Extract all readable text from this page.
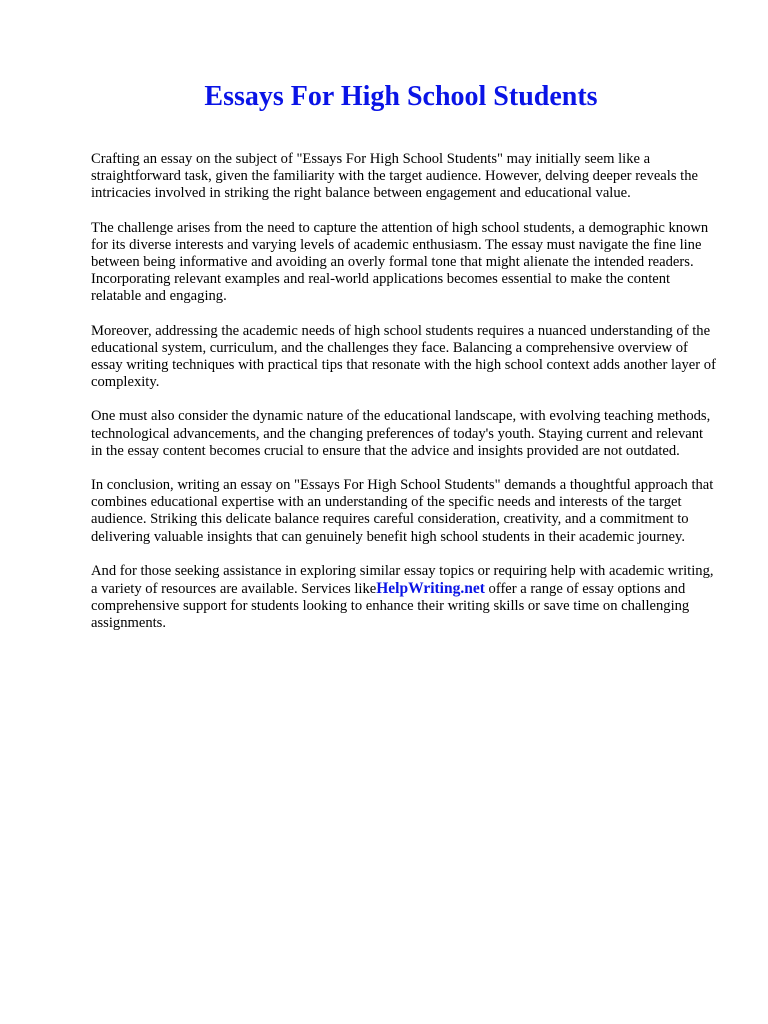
Essays For High School Students

Crafting an essay on the subject of "Essays For High School Students" may initially seem like a straightforward task, given the familiarity with the target audience. However, delving deeper reveals the intricacies involved in striking the right balance between engagement and educational value.

The challenge arises from the need to capture the attention of high school students, a demographic known for its diverse interests and varying levels of academic enthusiasm. The essay must navigate the fine line between being informative and avoiding an overly formal tone that might alienate the intended readers. Incorporating relevant examples and real-world applications becomes essential to make the content relatable and engaging.

Moreover, addressing the academic needs of high school students requires a nuanced understanding of the educational system, curriculum, and the challenges they face. Balancing a comprehensive overview of essay writing techniques with practical tips that resonate with the high school context adds another layer of complexity.

One must also consider the dynamic nature of the educational landscape, with evolving teaching methods, technological advancements, and the changing preferences of today's youth. Staying current and relevant in the essay content becomes crucial to ensure that the advice and insights provided are not outdated.

In conclusion, writing an essay on "Essays For High School Students" demands a thoughtful approach that combines educational expertise with an understanding of the specific needs and interests of the target audience. Striking this delicate balance requires careful consideration, creativity, and a commitment to delivering valuable insights that can genuinely benefit high school students in their academic journey.

And for those seeking assistance in exploring similar essay topics or requiring help with academic writing, a variety of resources are available. Services likeHelpWriting.net offer a range of essay options and comprehensive support for students looking to enhance their writing skills or save time on challenging assignments.
